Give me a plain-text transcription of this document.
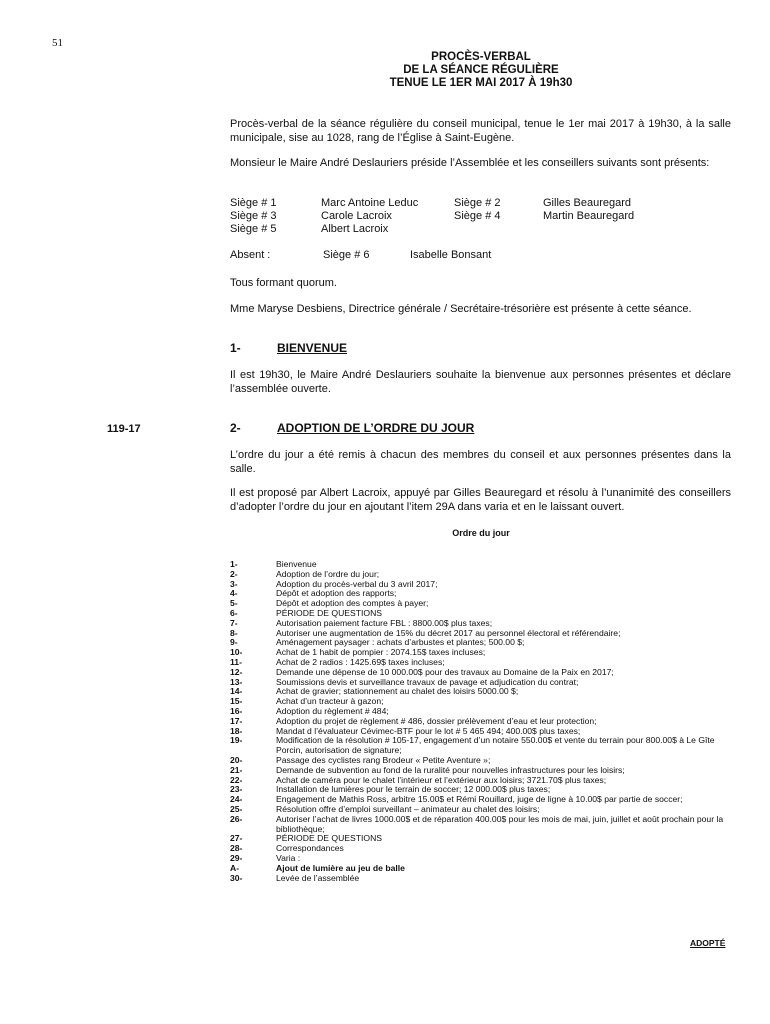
51
PROCÈS-VERBAL
DE LA SÉANCE RÉGULIÈRE
TENUE LE 1ER MAI 2017 À 19h30
Procès-verbal de la séance régulière du conseil municipal, tenue le 1er mai 2017 à 19h30, à la salle municipale, sise au 1028, rang de l’Église à Saint-Eugène.
Monsieur le Maire André Deslauriers préside l’Assemblée et les conseillers suivants sont présents:
Siège # 1	Marc Antoine Leduc	Siège # 2	Gilles Beauregard
Siège # 3	Carole Lacroix	Siège # 4	Martin Beauregard
Siège # 5	Albert Lacroix
Absent :	Siège # 6	Isabelle Bonsant
Tous formant quorum.
Mme Maryse Desbiens, Directrice générale / Secrétaire-trésorière est présente à cette séance.
1-	BIENVENUE
Il est 19h30, le Maire André Deslauriers souhaite la bienvenue aux personnes présentes et déclare l’assemblée ouverte.
119-17	2-	ADOPTION DE L’ORDRE DU JOUR
L’ordre du jour a été remis à chacun des membres du conseil et aux personnes présentes dans la salle.
Il est proposé par Albert Lacroix, appuyé par Gilles Beauregard et résolu à l’unanimité des conseillers d’adopter l’ordre du jour en ajoutant l’item 29A dans varia et en le laissant ouvert.
Ordre du jour
1-	Bienvenue
2-	Adoption de l’ordre du jour;
3-	Adoption du procès-verbal du 3 avril 2017;
4-	Dépôt et adoption des rapports;
5-	Dépôt et adoption des comptes à payer;
6-	PÉRIODE DE QUESTIONS
7-	Autorisation paiement facture FBL : 8800.00$ plus taxes;
8-	Autoriser une augmentation de 15% du décret 2017 au personnel électoral et référendaire;
9-	Aménagement paysager : achats d’arbustes et plantes; 500.00 $;
10-	Achat de 1 habit de pompier : 2074.15$ taxes incluses;
11-	Achat de 2 radios : 1425.69$ taxes incluses;
12-	Demande une dépense de 10 000.00$ pour des travaux au Domaine de la Paix en 2017;
13-	Soumissions devis et surveillance travaux de pavage et adjudication du contrat;
14-	Achat de gravier; stationnement au chalet des loisirs 5000.00 $;
15-	Achat d’un tracteur à gazon;
16-	Adoption du règlement # 484;
17-	Adoption du projet de règlement # 486, dossier prélèvement d’eau et leur protection;
18-	Mandat d l’évaluateur Cévimec-BTF pour le lot # 5 465 494; 400.00$ plus taxes;
19-	Modification de la résolution # 105-17, engagement d’un notaire 550.00$ et vente du terrain pour 800.00$ à Le Gîte Porcin, autorisation de signature;
20-	Passage des cyclistes rang Brodeur « Petite Aventure »;
21-	Demande de subvention au fond de la ruralité pour nouvelles infrastructures pour les loisirs;
22-	Achat de caméra pour le chalet l’intérieur et l’extérieur aux loisirs; 3721.70$ plus taxes;
23-	Installation de lumières pour le terrain de soccer; 12 000.00$ plus taxes;
24-	Engagement de Mathis Ross, arbitre 15.00$ et Rémi Rouillard, juge de ligne à 10.00$ par partie de soccer;
25-	Résolution offre d’emploi surveillant – animateur au chalet des loisirs;
26-	Autoriser l’achat de livres 1000.00$ et de réparation 400.00$ pour les mois de mai, juin, juillet et août prochain pour la bibliothèque;
27-	PÉRIODE DE QUESTIONS
28-	Correspondances
29-	Varia :
A-	Ajout de lumière au jeu de balle
30-	Levée de l’assemblée
ADOPTÉ
